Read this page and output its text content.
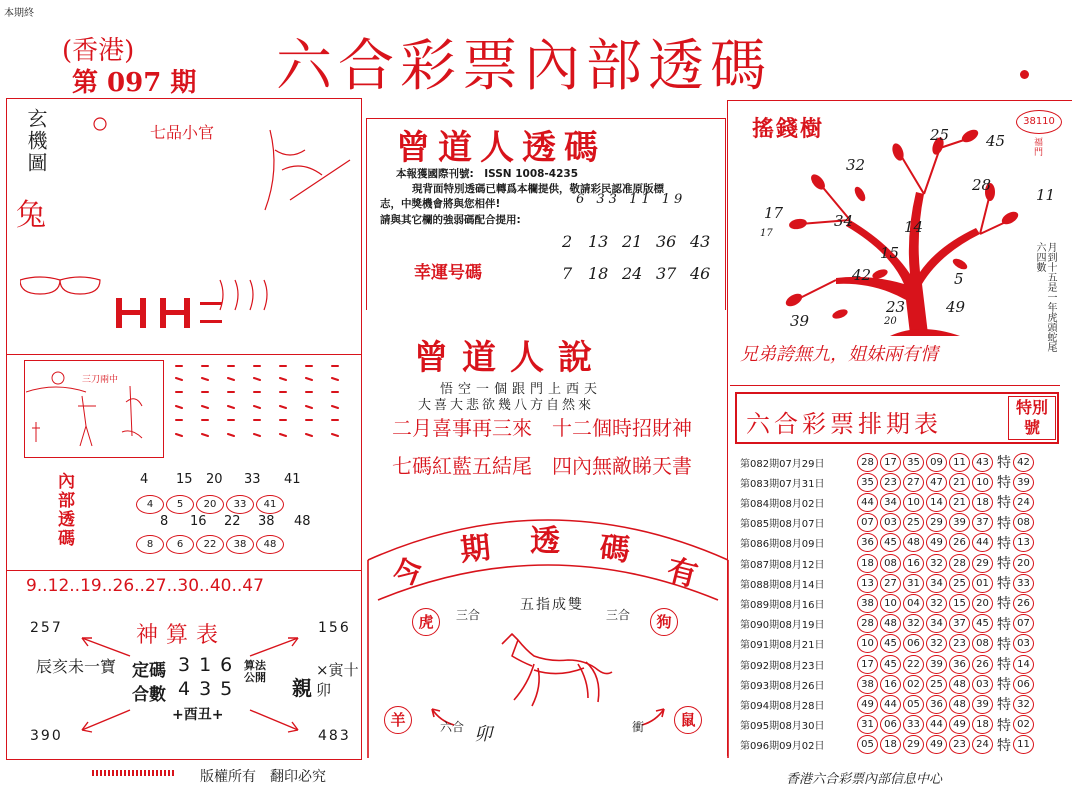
本期終
(香港)
第 097 期 六合彩票內部透碼
玄機圖
兔
七品小官
三刀兩中
內部透碼	4 15 20 33 41
4 5 20 33 41
8 16 22 38 48
8 6 22 38 48
9..12..19..26..27..30..40..47
257	156
390	483
神算表
定碼 316
合數 435
算法公開
+酉丑+
辰亥未一寶
親
×寅十卯
版權所有　翻印必究
曾道人透碼
本報獲國際刊號:　ISSN 1008-4235
現背面特別透碼已轉爲本欄提供，敬請彩民認准原版標
志，中獎機會將與您相伴!
請與其它欄的強弱碼配合提用:
6 33 11 19
幸運号碼
2 13 21 36 43
7 18 24 37 46
曾道人說
悟空一個跟門上西天
大喜大悲欲幾八方自然來
二月喜事再三來　十二個時招財神
七碼紅藍五結尾　四內無敵睇天書
今
期 透 碼
有
虎	狗
羊	鼠
三合	三合
五指成雙
六合	衝
卯
搖錢樹	38110
福門
25 45
32
17	34	14
11
28
42	5
23	49
39
15
20
17
月到十五是一年虎頭蛇尾六四數
兄弟誇無九，姐妹兩有情
六合彩票排期表
特別號
第082期07月29日	28	17	35	09	11	43 特 42
第083期07月31日	35	23	27	47	21	10 特 39
第084期08月02日	44	34	10	14	21	18 特 24
第085期08月07日	07	03	25	29	39	37 特 08
第086期08月09日	36	45	48	49	26	44 特 13
第087期08月12日	18	08	16	32	28	29 特 20
第088期08月14日	13	27	31	34	25	01 特 33
第089期08月16日	38	10	04	32	15	20 特 26
第090期08月19日	28	48	32	34	37	45 特 07
第091期08月21日	10	45	06	32	23	08 特 03
第092期08月23日	17	45	22	39	36	26 特 14
第093期08月26日	38	16	02	25	48	03 特 06
第094期08月28日	49	44	05	36	48	39 特 32
第095期08月30日	31	06	33	44	49	18 特 02
第096期09月02日	05	18	29	49	23	24 特 11
香港六合彩票內部信息中心
